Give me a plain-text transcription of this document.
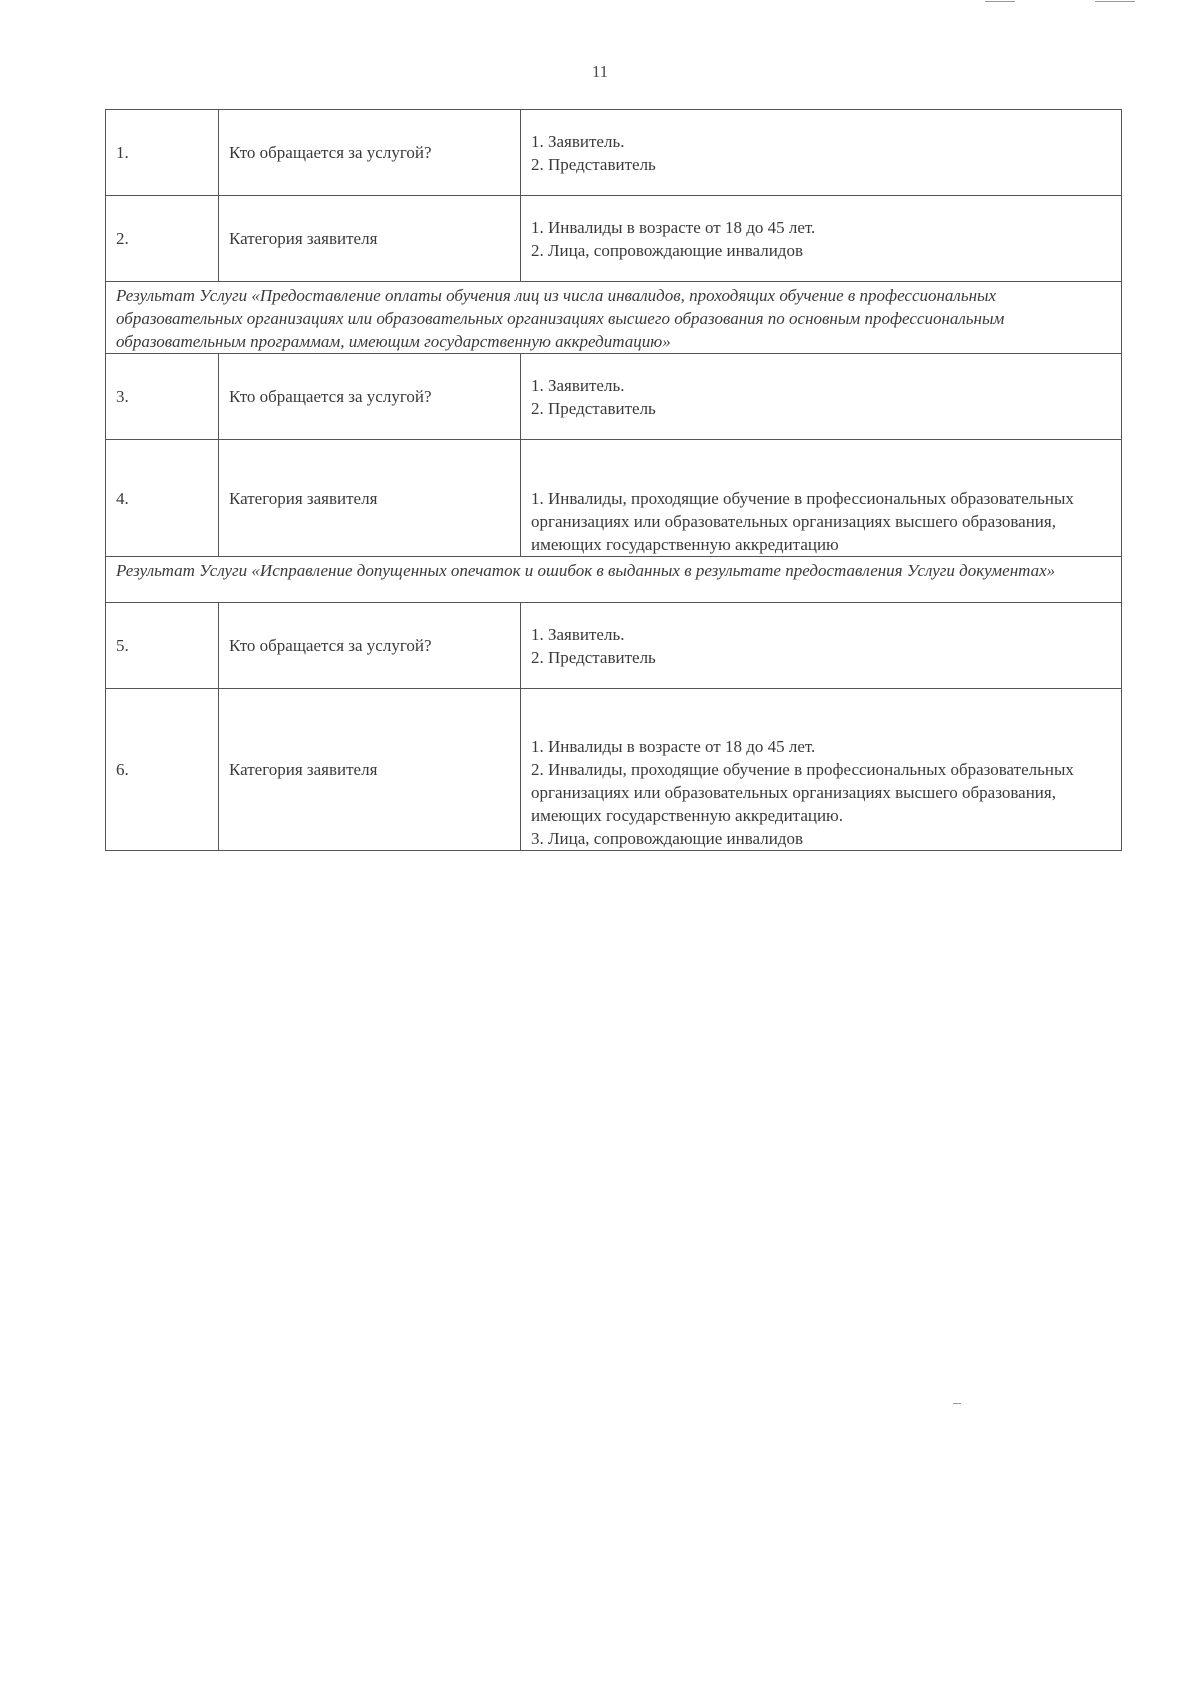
11
1.	Кто обращается за услугой?	1. Заявитель.
2. Представитель

2.	Категория заявителя	1. Инвалиды в возрасте от 18 до 45 лет.
2. Лица, сопровождающие инвалидов

Результат Услуги «Предоставление оплаты обучения лиц из числа инвалидов, проходящих обучение в профессиональных образовательных организациях или образовательных организациях высшего образования по основным профессиональным образовательным программам, имеющим государственную аккредитацию»		
3.	Кто обращается за услугой?	1. Заявитель.
2. Представитель

4.	Категория заявителя	1. Инвалиды, проходящие обучение в профессиональных образовательных организациях или образовательных организациях высшего образования, имеющих государственную аккредитацию

Результат Услуги «Исправление допущенных опечаток и ошибок в выданных в результате предоставления Услуги документах»		
5.	Кто обращается за услугой?	1. Заявитель.
2. Представитель

6.	Категория заявителя	1. Инвалиды в возрасте от 18 до 45 лет.
2. Инвалиды, проходящие обучение в профессиональных образовательных организациях или образовательных организациях высшего образования, имеющих государственную аккредитацию.
3. Лица, сопровождающие инвалидов
